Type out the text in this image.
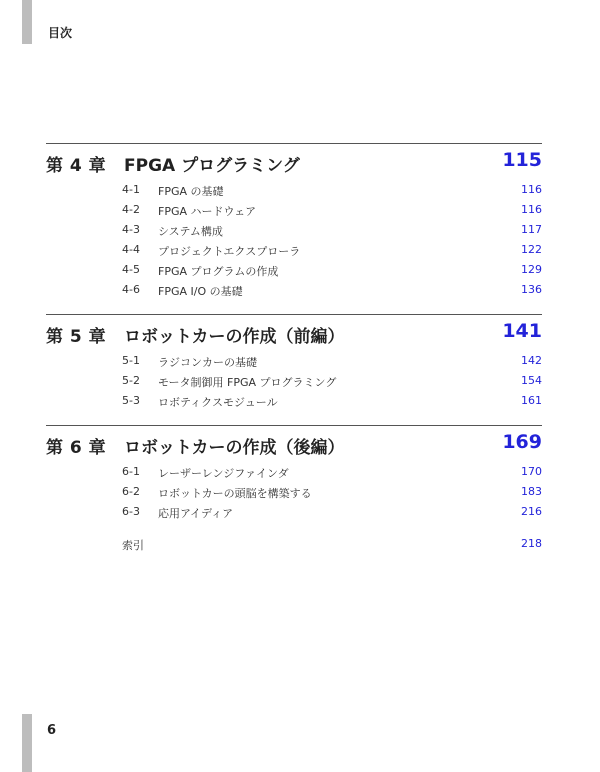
目次
第 4 章 FPGA プログラミング	115
4-1 FPGA の基礎	116
4-2 FPGA ハードウェア	116
4-3 システム構成	117
4-4 プロジェクトエクスプローラ	122
4-5 FPGA プログラムの作成	129
4-6 FPGA I/O の基礎	136
第 5 章 ロボットカーの作成（前編）	141
5-1 ラジコンカーの基礎	142
5-2 モータ制御用 FPGA プログラミング	154
5-3 ロボティクスモジュール	161
第 6 章 ロボットカーの作成（後編）	169
6-1 レーザーレンジファインダ	170
6-2 ロボットカーの頭脳を構築する	183
6-3 応用アイディア	216
索引	218
6
